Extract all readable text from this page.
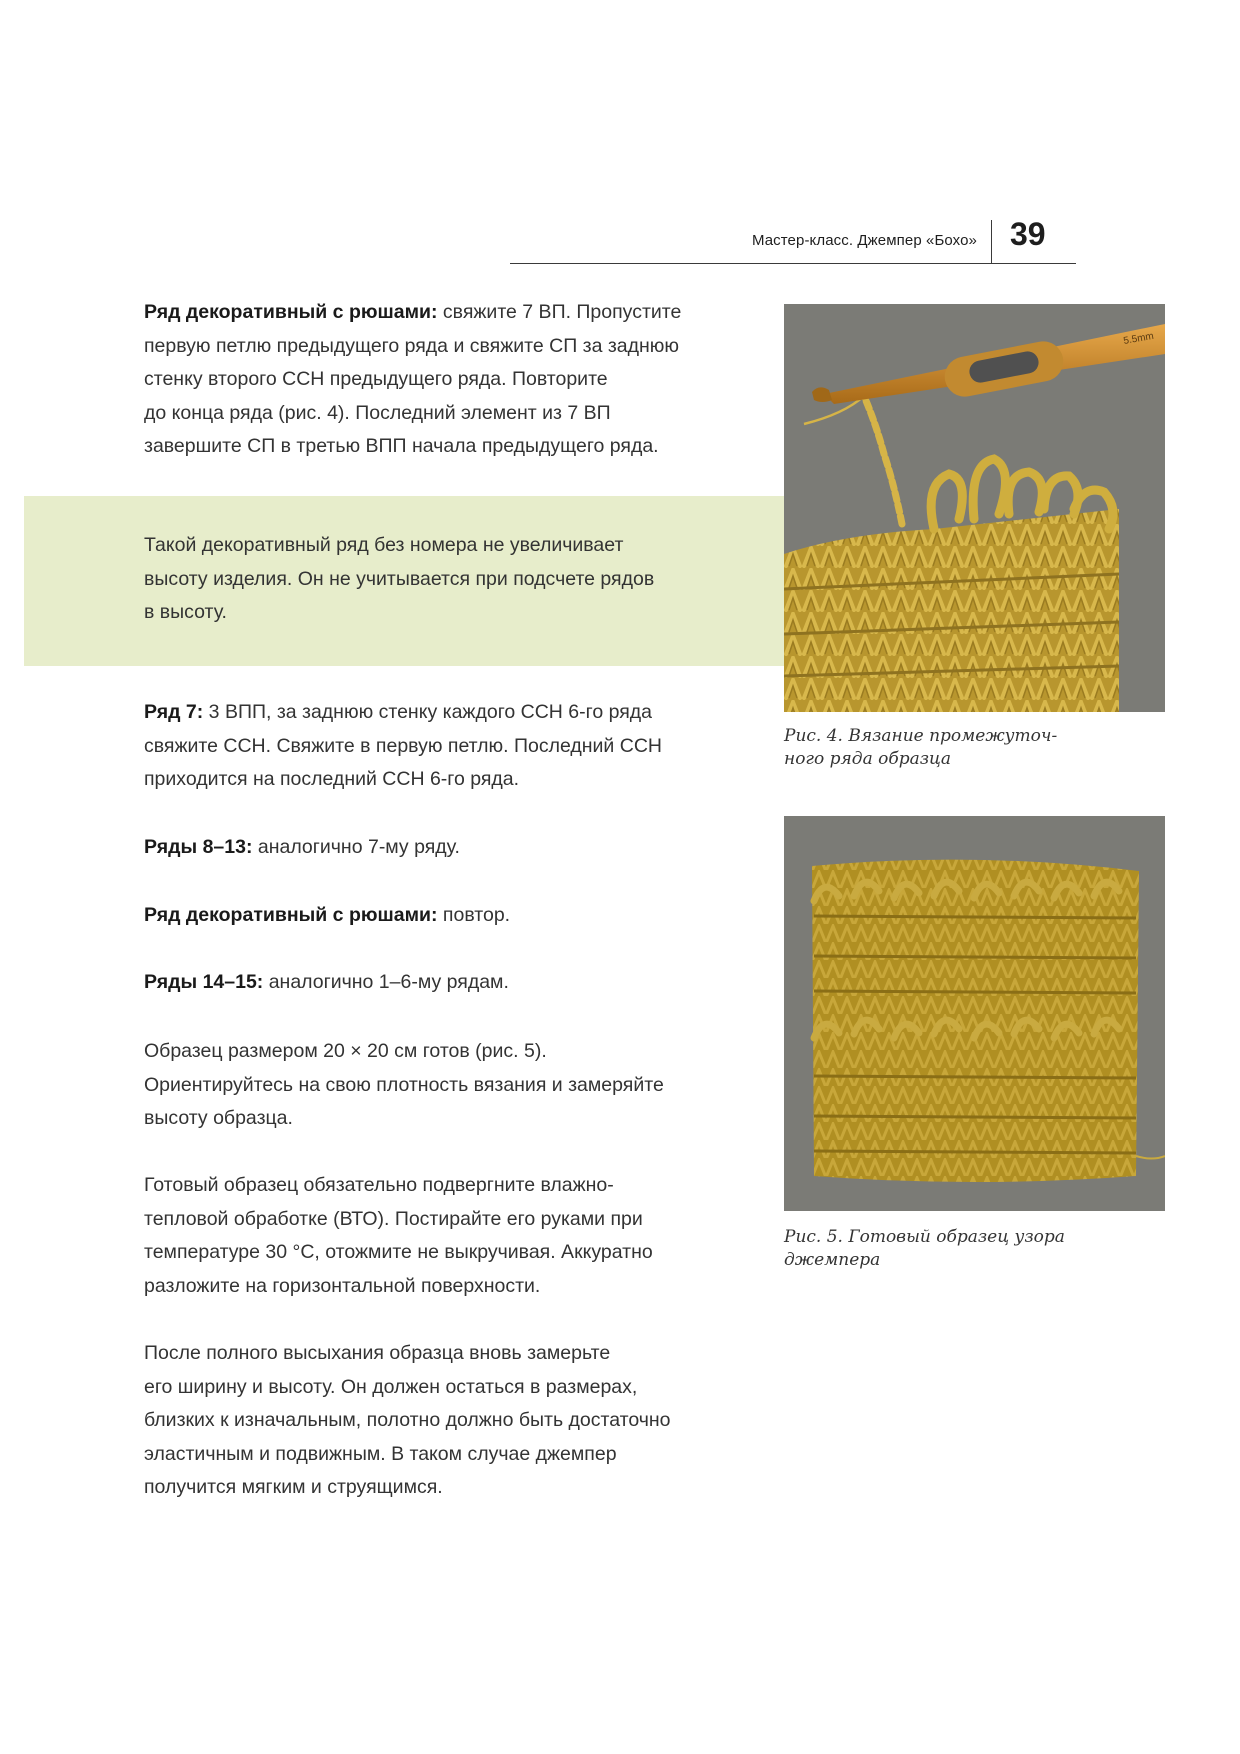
Мастер-класс. Джемпер «Бохо» 39
Ряд декоративный с рюшами: свяжите 7 ВП. Пропустите
первую петлю предыдущего ряда и свяжите СП за заднюю
стенку второго ССН предыдущего ряда. Повторите
до конца ряда (рис. 4). Последний элемент из 7 ВП
завершите СП в третью ВПП начала предыдущего ряда.
Такой декоративный ряд без номера не увеличивает
высоту изделия. Он не учитывается при подсчете рядов
в высоту.
Ряд 7: 3 ВПП, за заднюю стенку каждого ССН 6-го ряда
свяжите ССН. Свяжите в первую петлю. Последний ССН
приходится на последний ССН 6-го ряда.
Ряды 8–13: аналогично 7-му ряду.
Ряд декоративный с рюшами: повтор.
Ряды 14–15: аналогично 1–6-му рядам.
Образец размером 20 × 20 см готов (рис. 5).
Ориентируйтесь на свою плотность вязания и замеряйте
высоту образца.
Готовый образец обязательно подвергните влажно-
тепловой обработке (ВТО). Постирайте его руками при
температуре 30 °С, отожмите не выкручивая. Аккуратно
разложите на горизонтальной поверхности.
После полного высыхания образца вновь замерьте
его ширину и высоту. Он должен остаться в размерах,
близких к изначальным, полотно должно быть достаточно
эластичным и подвижным. В таком случае джемпер
получится мягким и струящимся.
5.5mm
Рис. 4. Вязание промежуточ-
ного ряда образца
Рис. 5. Готовый образец узора
джемпера
